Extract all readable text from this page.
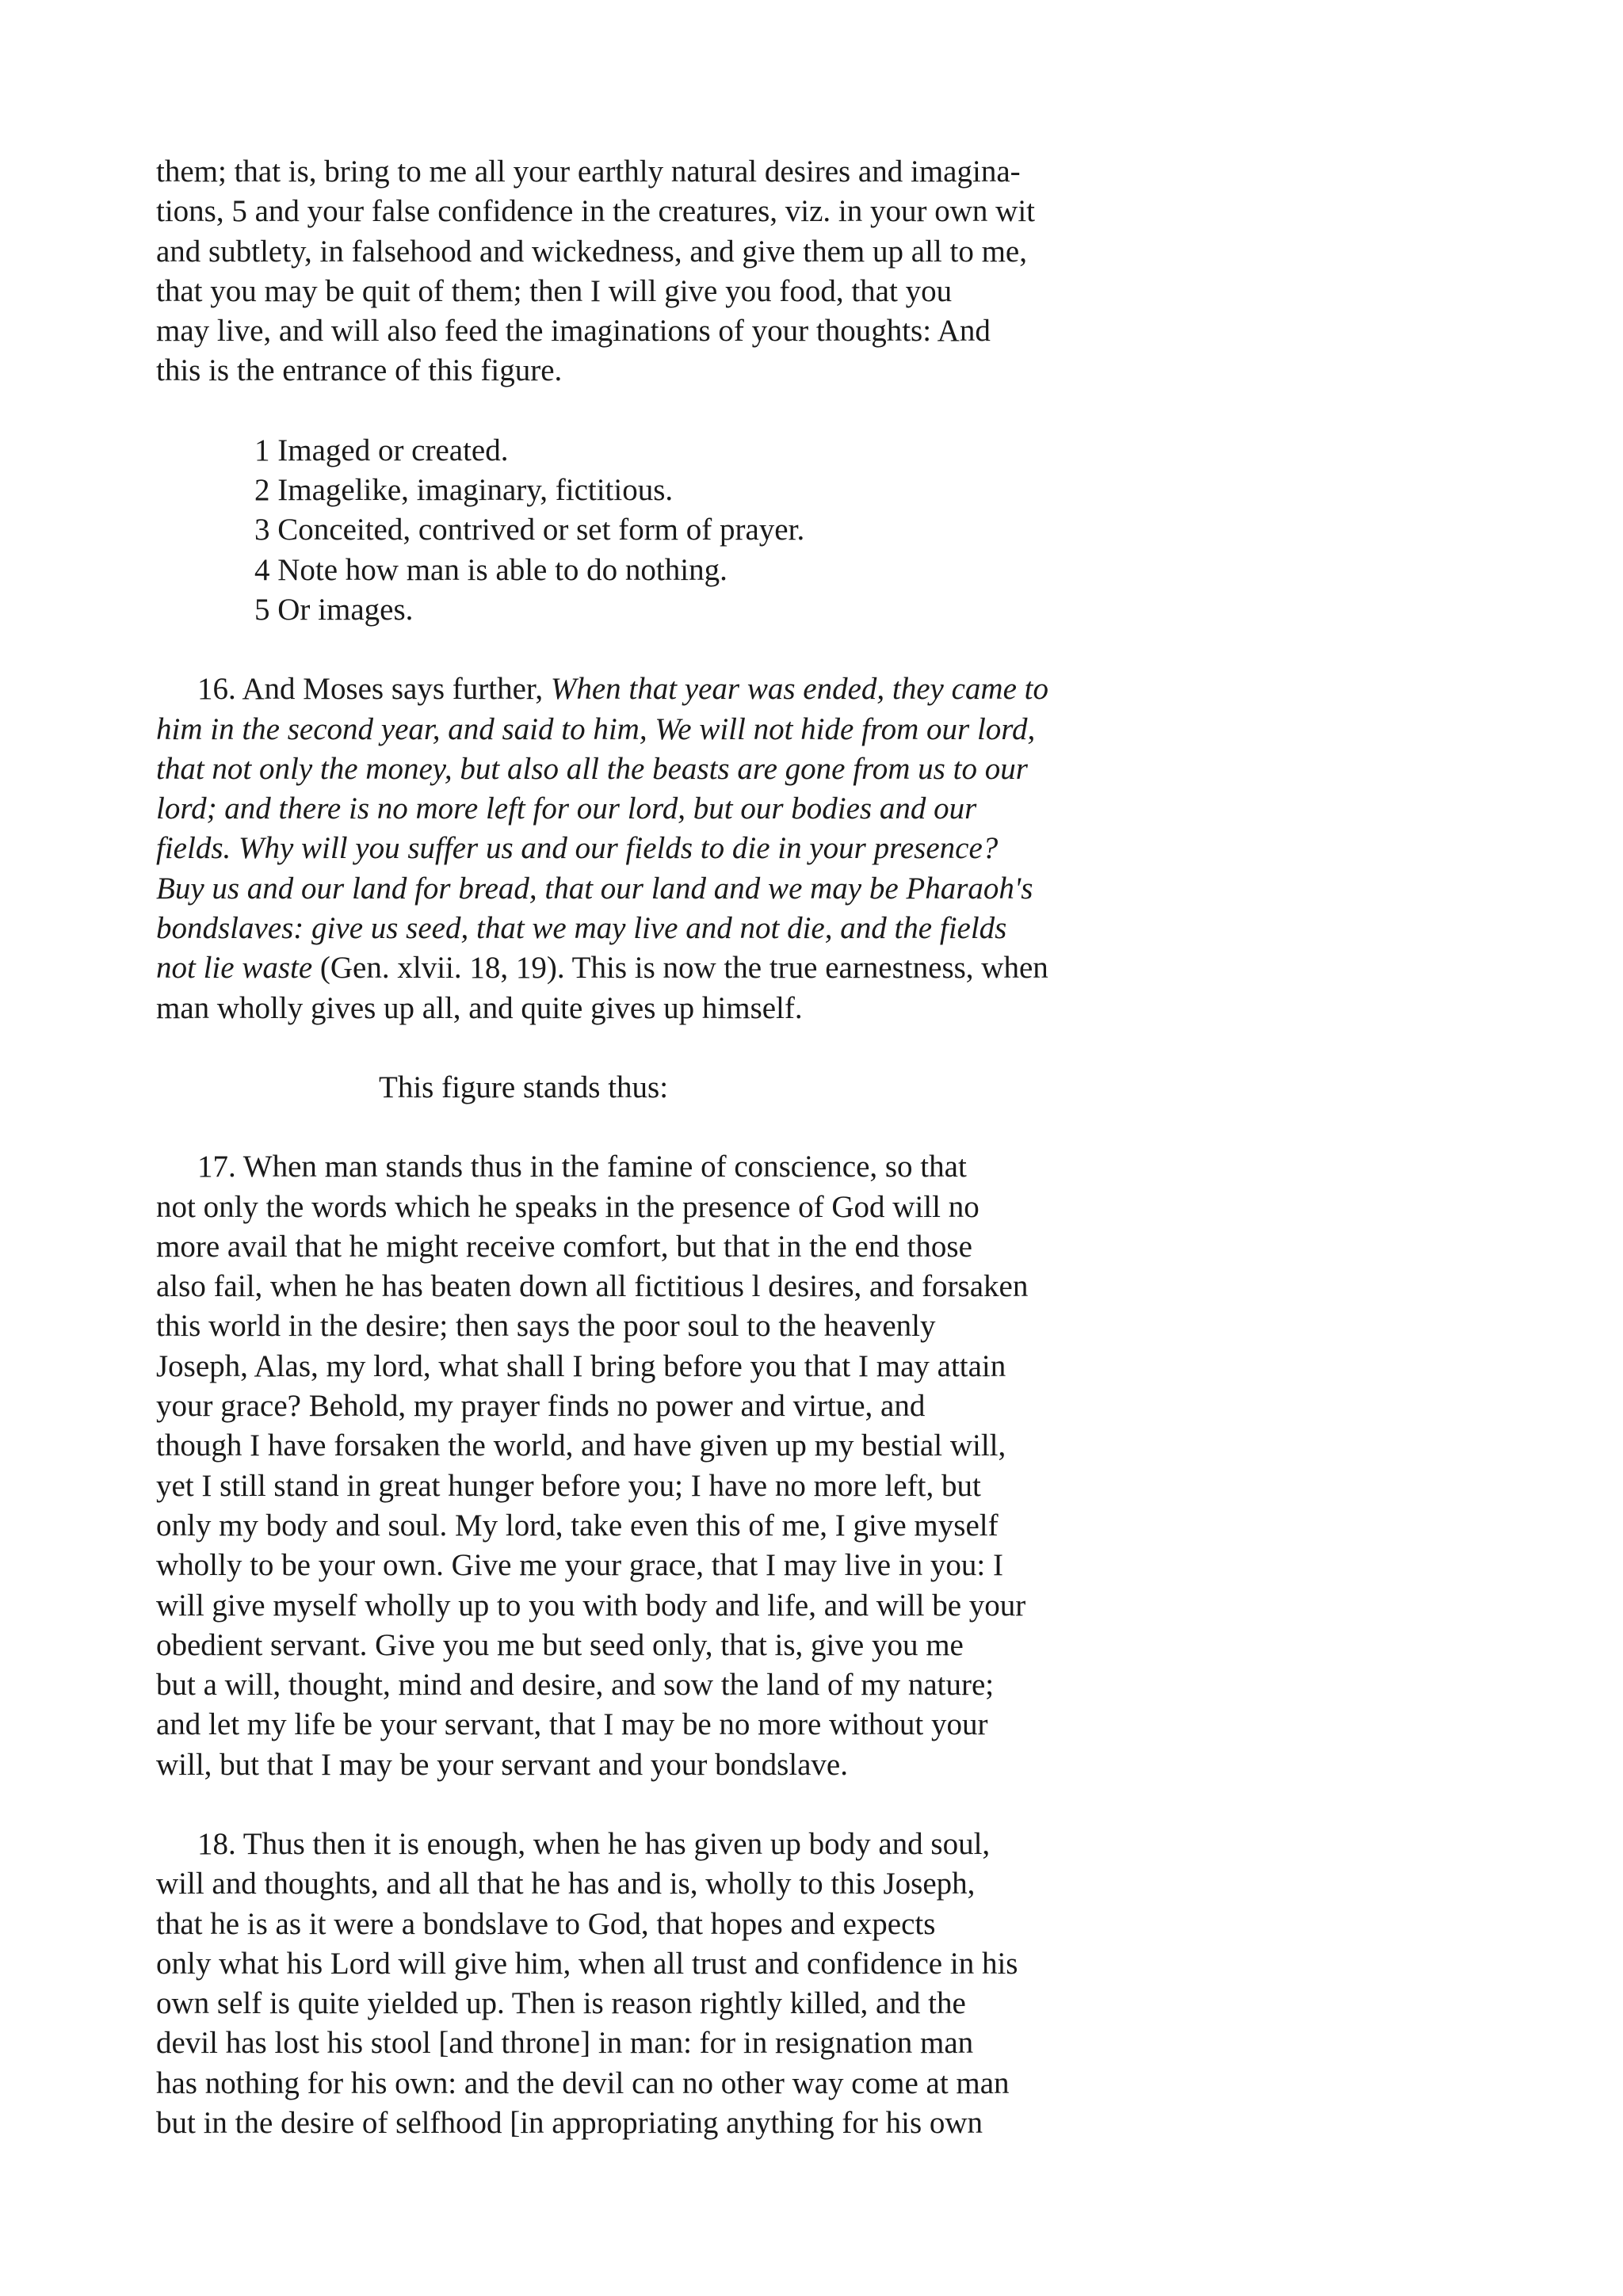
them; that is, bring to me all your earthly natural desires and imagina-
tions, 5 and your false confidence in the creatures, viz. in your own wit
and subtlety, in falsehood and wickedness, and give them up all to me,
that you may be quit of them; then I will give you food, that you
may live, and will also feed the imaginations of your thoughts: And
this is the entrance of this figure.
1 Imaged or created.
2 Imagelike, imaginary, fictitious.
3 Conceited, contrived or set form of prayer.
4 Note how man is able to do nothing.
5 Or images.
16. And Moses says further, When that year was ended, they came to
him in the second year, and said to him, We will not hide from our lord,
that not only the money, but also all the beasts are gone from us to our
lord; and there is no more left for our lord, but our bodies and our
fields. Why will you suffer us and our fields to die in your presence?
Buy us and our land for bread, that our land and we may be Pharaoh's
bondslaves: give us seed, that we may live and not die, and the fields
not lie waste (Gen. xlvii. 18, 19). This is now the true earnestness, when
man wholly gives up all, and quite gives up himself.
This figure stands thus:
17. When man stands thus in the famine of conscience, so that
not only the words which he speaks in the presence of God will no
more avail that he might receive comfort, but that in the end those
also fail, when he has beaten down all fictitious l desires, and forsaken
this world in the desire; then says the poor soul to the heavenly
Joseph, Alas, my lord, what shall I bring before you that I may attain
your grace? Behold, my prayer finds no power and virtue, and
though I have forsaken the world, and have given up my bestial will,
yet I still stand in great hunger before you; I have no more left, but
only my body and soul. My lord, take even this of me, I give myself
wholly to be your own. Give me your grace, that I may live in you: I
will give myself wholly up to you with body and life, and will be your
obedient servant. Give you me but seed only, that is, give you me
but a will, thought, mind and desire, and sow the land of my nature;
and let my life be your servant, that I may be no more without your
will, but that I may be your servant and your bondslave.
18. Thus then it is enough, when he has given up body and soul,
will and thoughts, and all that he has and is, wholly to this Joseph,
that he is as it were a bondslave to God, that hopes and expects
only what his Lord will give him, when all trust and confidence in his
own self is quite yielded up. Then is reason rightly killed, and the
devil has lost his stool [and throne] in man: for in resignation man
has nothing for his own: and the devil can no other way come at man
but in the desire of selfhood [in appropriating anything for his own
